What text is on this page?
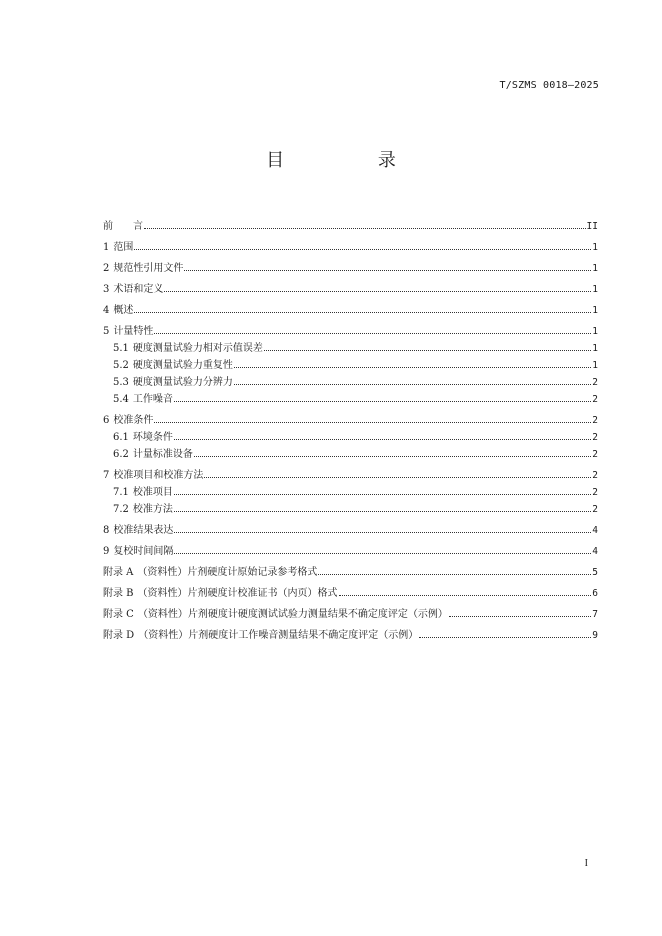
T/SZMS 0018—2025
目 录
前　　言	II
1 范围	1
2 规范性引用文件	1
3 术语和定义	1
4 概述	1
5 计量特性	1
5.1 硬度测量试验力相对示值误差	1
5.2 硬度测量试验力重复性	1
5.3 硬度测量试验力分辨力	2
5.4 工作噪音	2
6 校准条件	2
6.1 环境条件	2
6.2 计量标准设备	2
7 校准项目和校准方法	2
7.1 校准项目	2
7.2 校准方法	2
8 校准结果表达	4
9 复校时间间隔	4
附录 A （资料性）片剂硬度计原始记录参考格式	5
附录 B （资料性）片剂硬度计校准证书（内页）格式	6
附录 C （资料性）片剂硬度计硬度测试试验力测量结果不确定度评定（示例）	7
附录 D （资料性）片剂硬度计工作噪音测量结果不确定度评定（示例）	9
I
